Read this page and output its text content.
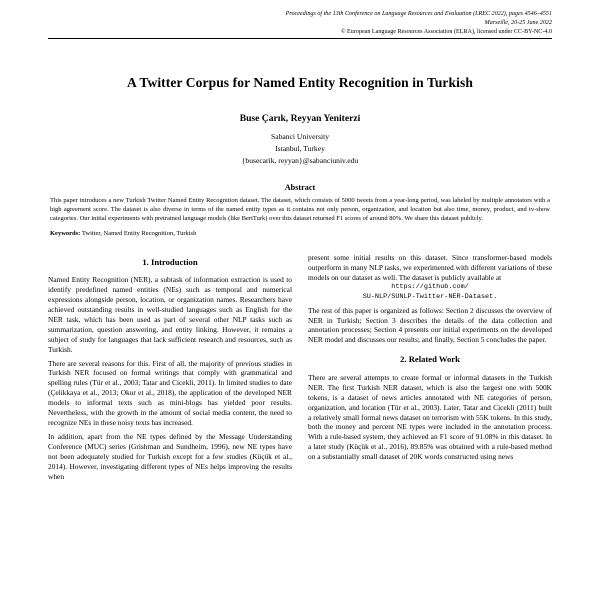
Proceedings of the 13th Conference on Language Resources and Evaluation (LREC 2022), pages 4546–4551
Marseille, 20-25 June 2022
© European Language Resources Association (ELRA), licensed under CC-BY-NC-4.0
A Twitter Corpus for Named Entity Recognition in Turkish
Buse Çarık, Reyyan Yeniterzi
Sabanci University
Istanbul, Turkey
{busecarik, reyyan}@sabanciuniv.edu
Abstract
This paper introduces a new Turkish Twitter Named Entity Recognition dataset. The dataset, which consists of 5000 tweets from a year-long period, was labeled by multiple annotators with a high agreement score. The dataset is also diverse in terms of the named entity types as it contains not only person, organization, and location but also time, money, product, and tv-show categories. Our initial experiments with pretrained language models (like BertTurk) over this dataset returned F1 scores of around 80%. We share this dataset publicly.
Keywords: Twitter, Named Entity Recognition, Turkish
1. Introduction

Named Entity Recognition (NER), a subtask of information extraction is used to identify predefined named entities (NEs) such as temporal and numerical expressions alongside person, location, or organization names. Researchers have achieved outstanding results in well-studied languages such as English for the NER task, which has been used as part of several other NLP tasks such as summarization, question answering, and entity linking. However, it remains a subject of study for languages that lack sufficient research and resources, such as Turkish.

There are several reasons for this. First of all, the majority of previous studies in Turkish NER focused on formal writings that comply with grammatical and spelling rules (Tür et al., 2003; Tatar and Cicekli, 2011). In limited studies to date (Çelikkaya et al., 2013; Okur et al., 2018), the application of the developed NER models to informal texts such as mini-blogs has yielded poor results. Nevertheless, with the growth in the amount of social media content, the need to recognize NEs in these noisy texts has increased.

In addition, apart from the NE types defined by the Message Understanding Conference (MUC) series (Grishman and Sundheim, 1996), new NE types have not been adequately studied for Turkish except for a few studies (Küçük et al., 2014). However, investigating different types of NEs helps improving the results when

present some initial results on this dataset. Since transformer-based models outperform in many NLP tasks, we experimented with different variations of these models on our dataset as well. The dataset is publicly available at

https://github.com/
SU-NLP/SUNLP-Twitter-NER-Dataset.

The rest of this paper is organized as follows: Section 2 discusses the overview of NER in Turkish; Section 3 describes the details of the data collection and annotation processes; Section 4 presents our initial experiments on the developed NER model and discusses our results; and finally, Section 5 concludes the paper.

2. Related Work

There are several attempts to create formal or informal datasets in the Turkish NER. The first Turkish NER dataset, which is also the largest one with 500K tokens, is a dataset of news articles annotated with NE categories of person, organization, and location (Tür et al., 2003). Later, Tatar and Cicekli (2011) built a relatively small formal news dataset on terrorism with 55K tokens. In this study, both the money and percent NE types were included in the annotation process. With a rule-based system, they achieved an F1 score of 91.08% in this dataset. In a later study (Küçük et al., 2016), 89.85% was obtained with a rule-based method on a substantially small dataset of 20K words constructed using news
